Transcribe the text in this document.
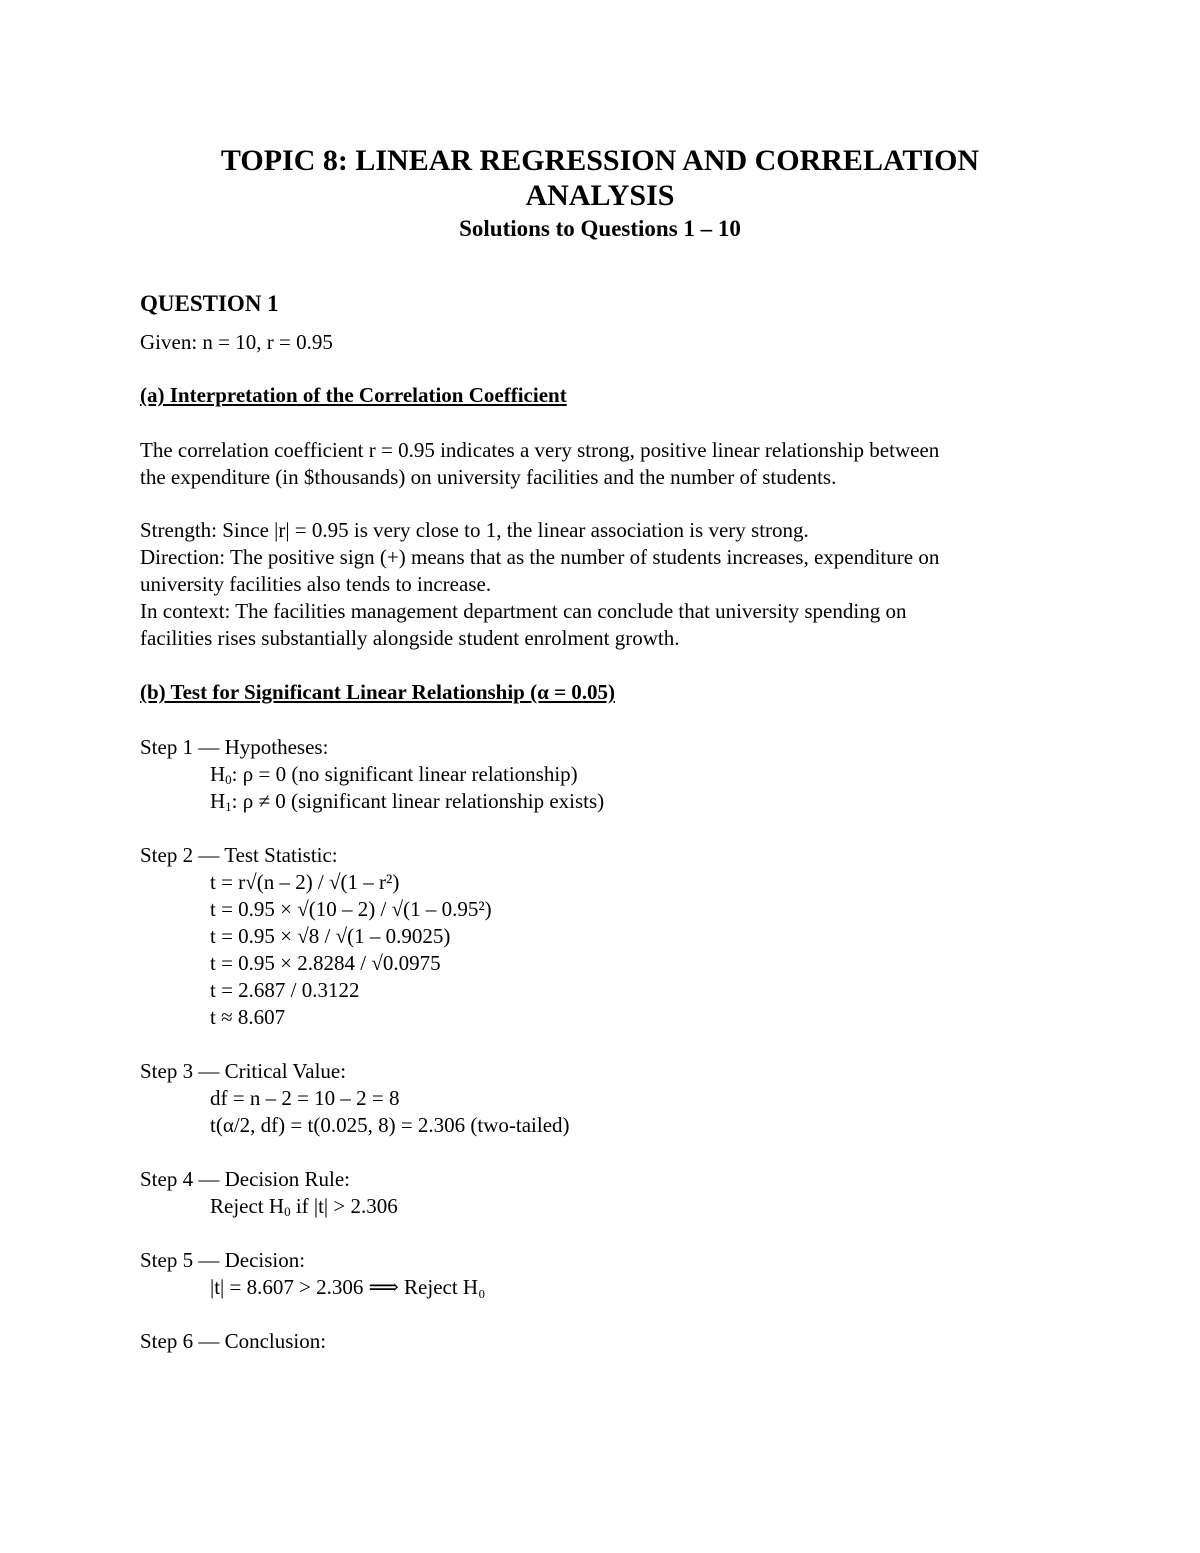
TOPIC 8: LINEAR REGRESSION AND CORRELATION
ANALYSIS
Solutions to Questions 1 – 10
QUESTION 1
Given: n = 10, r = 0.95
(a) Interpretation of the Correlation Coefficient
The correlation coefficient r = 0.95 indicates a very strong, positive linear relationship between
the expenditure (in $thousands) on university facilities and the number of students.
Strength: Since |r| = 0.95 is very close to 1, the linear association is very strong.
Direction: The positive sign (+) means that as the number of students increases, expenditure on
university facilities also tends to increase.
In context: The facilities management department can conclude that university spending on
facilities rises substantially alongside student enrolment growth.
(b) Test for Significant Linear Relationship (α = 0.05)
Step 1 — Hypotheses:
$H_0$: ρ = 0 (no significant linear relationship)
$H_1$: ρ ≠ 0 (significant linear relationship exists)
Step 2 — Test Statistic:
t = r√(n – 2) / √(1 – r²)
t = 0.95 × √(10 – 2) / √(1 – 0.95²)
t = 0.95 × √8 / √(1 – 0.9025)
t = 0.95 × 2.8284 / √0.0975
t = 2.687 / 0.3122
t ≈ 8.607
Step 3 — Critical Value:
df = n – 2 = 10 – 2 = 8
t(α/2, df) = t(0.025, 8) = 2.306 (two-tailed)
Step 4 — Decision Rule:
Reject $H_0$ if |t| > 2.306
Step 5 — Decision:
|t| = 8.607 > 2.306 ⟹ Reject H₀
Step 6 — Conclusion:
